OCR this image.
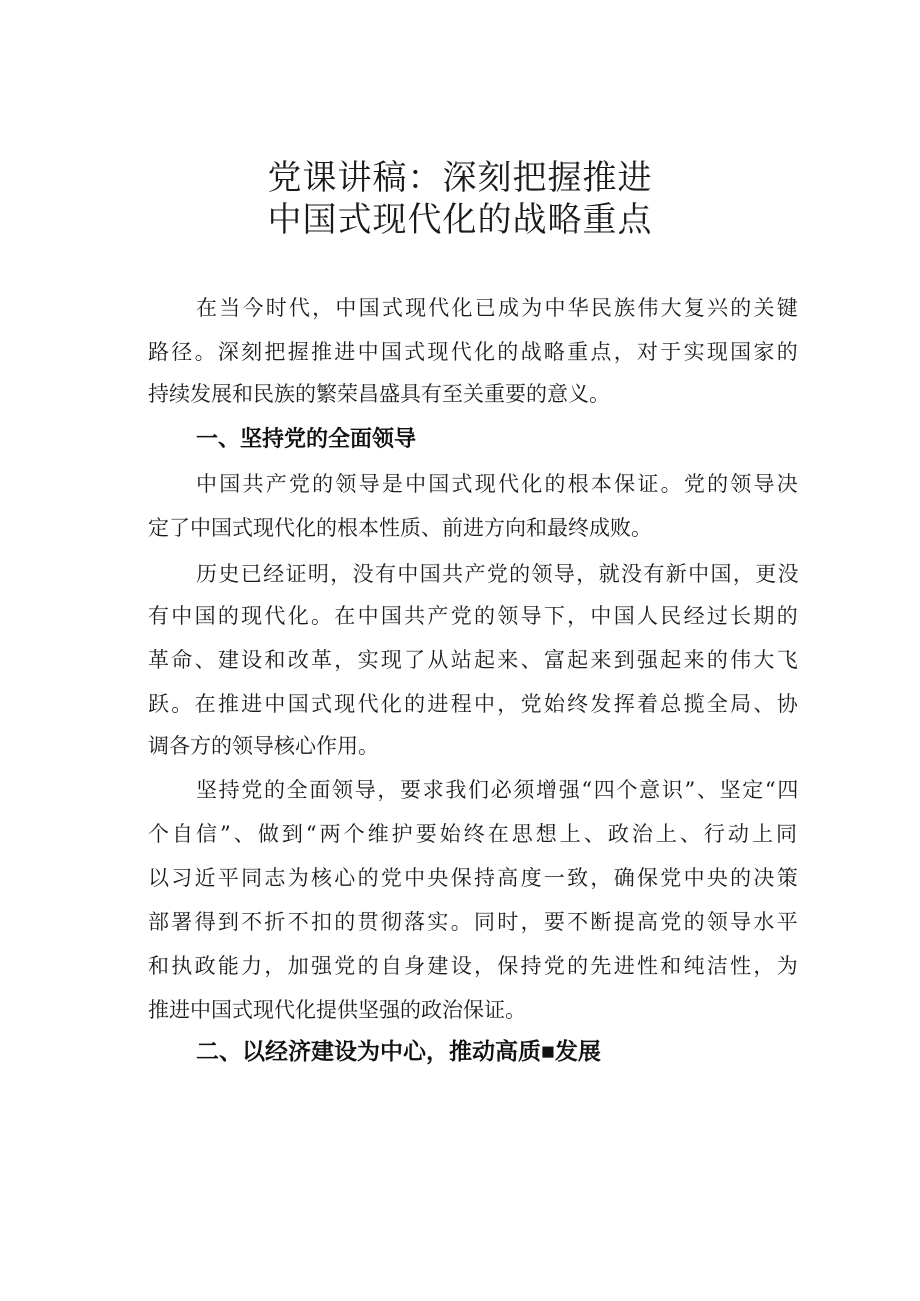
党课讲稿：深刻把握推进
中国式现代化的战略重点
在当今时代，中国式现代化已成为中华民族伟大复兴的关键
路径。深刻把握推进中国式现代化的战略重点，对于实现国家的
持续发展和民族的繁荣昌盛具有至关重要的意义。
一、坚持党的全面领导
中国共产党的领导是中国式现代化的根本保证。党的领导决
定了中国式现代化的根本性质、前进方向和最终成败。
历史已经证明，没有中国共产党的领导，就没有新中国，更没
有中国的现代化。在中国共产党的领导下，中国人民经过长期的
革命、建设和改革，实现了从站起来、富起来到强起来的伟大飞
跃。在推进中国式现代化的进程中，党始终发挥着总揽全局、协
调各方的领导核心作用。
坚持党的全面领导，要求我们必须增强“四个意识”、坚定“四
个自信”、做到“两个维护要始终在思想上、政治上、行动上同
以习近平同志为核心的党中央保持高度一致，确保党中央的决策
部署得到不折不扣的贯彻落实。同时，要不断提高党的领导水平
和执政能力，加强党的自身建设，保持党的先进性和纯洁性，为
推进中国式现代化提供坚强的政治保证。
二、以经济建设为中心，推动高质■发展
